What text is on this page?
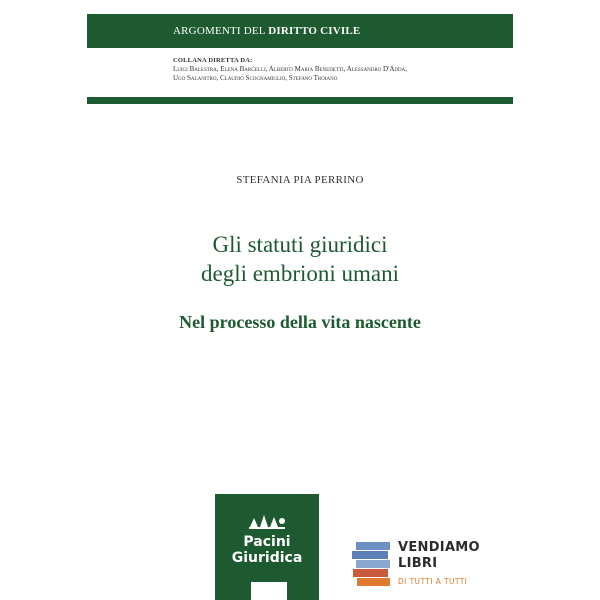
ARGOMENTI DEL DIRITTO CIVILE
COLLANA DIRETTA DA:
Luigi Balestra, Elena Bargelli, Alberto Maria Benedetti, Alessandro D'Adda,
Ugo Salanitro, Claudio Scognamiglio, Stefano Troiano
STEFANIA PIA PERRINO
Gli statuti giuridici
degli embrioni umani
Nel processo della vita nascente
Pacini
Giuridica
VENDIAMO
LIBRI
DI TUTTI A TUTTI
